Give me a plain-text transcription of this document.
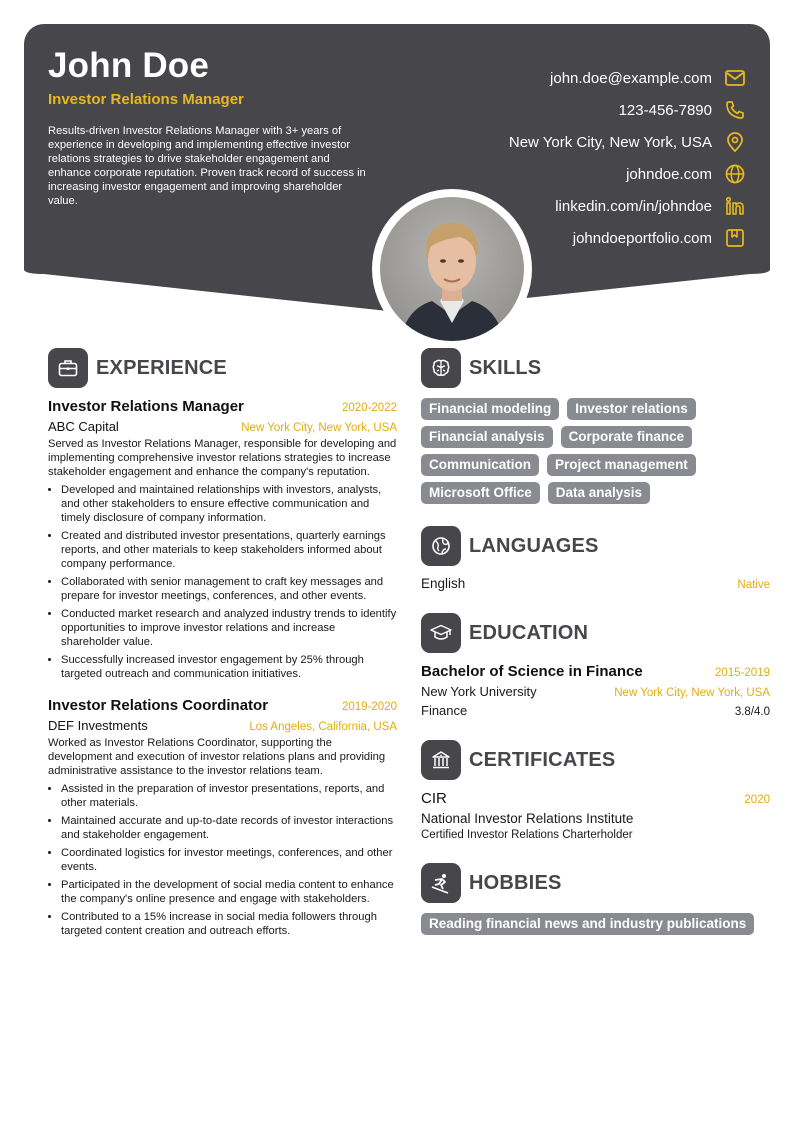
John Doe
Investor Relations Manager
Results-driven Investor Relations Manager with 3+ years of experience in developing and implementing effective investor relations strategies to drive stakeholder engagement and enhance corporate reputation. Proven track record of success in increasing investor engagement and improving shareholder value.
john.doe@example.com
123-456-7890
New York City, New York, USA
johndoe.com
linkedin.com/in/johndoe
johndoeportfolio.com
EXPERIENCE
Investor Relations Manager	2020-2022
ABC Capital	New York City, New York, USA
Served as Investor Relations Manager, responsible for developing and implementing comprehensive investor relations strategies to increase stakeholder engagement and enhance the company's reputation.
• Developed and maintained relationships with investors, analysts, and other stakeholders to ensure effective communication and timely disclosure of company information.
• Created and distributed investor presentations, quarterly earnings reports, and other materials to keep stakeholders informed about company performance.
• Collaborated with senior management to craft key messages and prepare for investor meetings, conferences, and other events.
• Conducted market research and analyzed industry trends to identify opportunities to improve investor relations and increase shareholder value.
• Successfully increased investor engagement by 25% through targeted outreach and communication initiatives.
Investor Relations Coordinator	2019-2020
DEF Investments	Los Angeles, California, USA
Worked as Investor Relations Coordinator, supporting the development and execution of investor relations plans and providing administrative assistance to the investor relations team.
• Assisted in the preparation of investor presentations, reports, and other materials.
• Maintained accurate and up-to-date records of investor interactions and stakeholder engagement.
• Coordinated logistics for investor meetings, conferences, and other events.
• Participated in the development of social media content to enhance the company's online presence and engage with stakeholders.
• Contributed to a 15% increase in social media followers through targeted content creation and outreach efforts.
SKILLS
Financial modeling	Investor relations
Financial analysis	Corporate finance
Communication	Project management
Microsoft Office	Data analysis
LANGUAGES
English	Native
EDUCATION
Bachelor of Science in Finance	2015-2019
New York University	New York City, New York, USA
Finance	3.8/4.0
CERTIFICATES
CIR	2020
National Investor Relations Institute
Certified Investor Relations Charterholder
HOBBIES
Reading financial news and industry publications
